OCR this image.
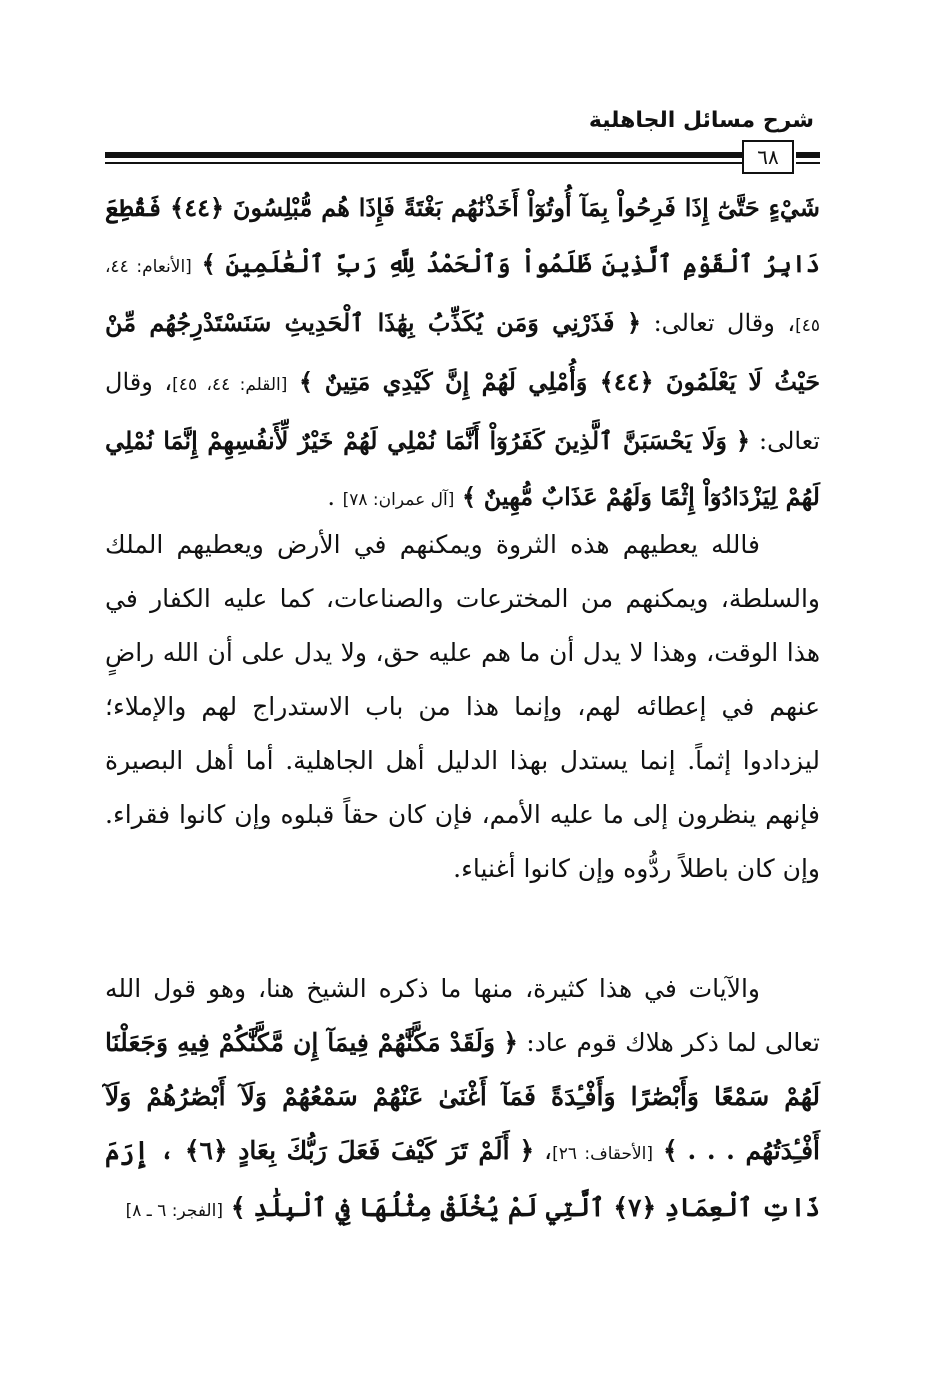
شرح مسائل الجاهلية
٦٨
شَيْءٍ حَتَّىٰٓ إِذَا فَرِحُواْ بِمَآ أُوتُوٓاْ أَخَذْنَٰهُم بَغْتَةً فَإِذَا هُم مُّبْلِسُونَ ﴿٤٤﴾ فَقُطِعَ دَابِرُ ٱلْقَوْمِ ٱلَّذِينَ ظَلَمُواْ وَٱلْحَمْدُ لِلَّهِ رَبِّ ٱلْعَٰلَمِينَ ﴾ [الأنعام: ٤٤، ٤٥]، وقال تعالى: ﴿ فَذَرْنِي وَمَن يُكَذِّبُ بِهَٰذَا ٱلْحَدِيثِ سَنَسْتَدْرِجُهُم مِّنْ حَيْثُ لَا يَعْلَمُونَ ﴿٤٤﴾ وَأُمْلِي لَهُمْ إِنَّ كَيْدِي مَتِينٌ ﴾ [القلم: ٤٤، ٤٥]، وقال تعالى: ﴿ وَلَا يَحْسَبَنَّ ٱلَّذِينَ كَفَرُوٓاْ أَنَّمَا نُمْلِي لَهُمْ خَيْرٌ لِّأَنفُسِهِمْ إِنَّمَا نُمْلِي لَهُمْ لِيَزْدَادُوٓاْ إِثْمًا وَلَهُمْ عَذَابٌ مُّهِينٌ ﴾ [آل عمران: ٧٨] .
فالله يعطيهم هذه الثروة ويمكنهم في الأرض ويعطيهم الملك والسلطة، ويمكنهم من المخترعات والصناعات، كما عليه الكفار في هذا الوقت، وهذا لا يدل أن ما هم عليه حق، ولا يدل على أن الله راضٍ عنهم في إعطائه لهم، وإنما هذا من باب الاستدراج لهم والإملاء؛ ليزدادوا إثماً. إنما يستدل بهذا الدليل أهل الجاهلية. أما أهل البصيرة فإنهم ينظرون إلى ما عليه الأمم، فإن كان حقاً قبلوه وإن كانوا فقراء. وإن كان باطلاً ردُّوه وإن كانوا أغنياء.
والآيات في هذا كثيرة، منها ما ذكره الشيخ هنا، وهو قول الله تعالى لما ذكر هلاك قوم عاد: ﴿ وَلَقَدْ مَكَّنَّٰهُمْ فِيمَآ إِن مَّكَّنَّٰكُمْ فِيهِ وَجَعَلْنَا لَهُمْ سَمْعًا وَأَبْصَٰرًا وَأَفْـِٔدَةً فَمَآ أَغْنَىٰ عَنْهُمْ سَمْعُهُمْ وَلَآ أَبْصَٰرُهُمْ وَلَآ أَفْـِٔدَتُهُم . . . ﴾ [الأحقاف: ٢٦]، ﴿ أَلَمْ تَرَ كَيْفَ فَعَلَ رَبُّكَ بِعَادٍ ﴿٦﴾ ، إِرَمَ ذَاتِ ٱلْعِمَادِ ﴿٧﴾ ٱلَّتِي لَمْ يُخْلَقْ مِثْلُهَا فِي ٱلْبِلَٰدِ ﴾ [الفجر: ٦ ـ ٨]
